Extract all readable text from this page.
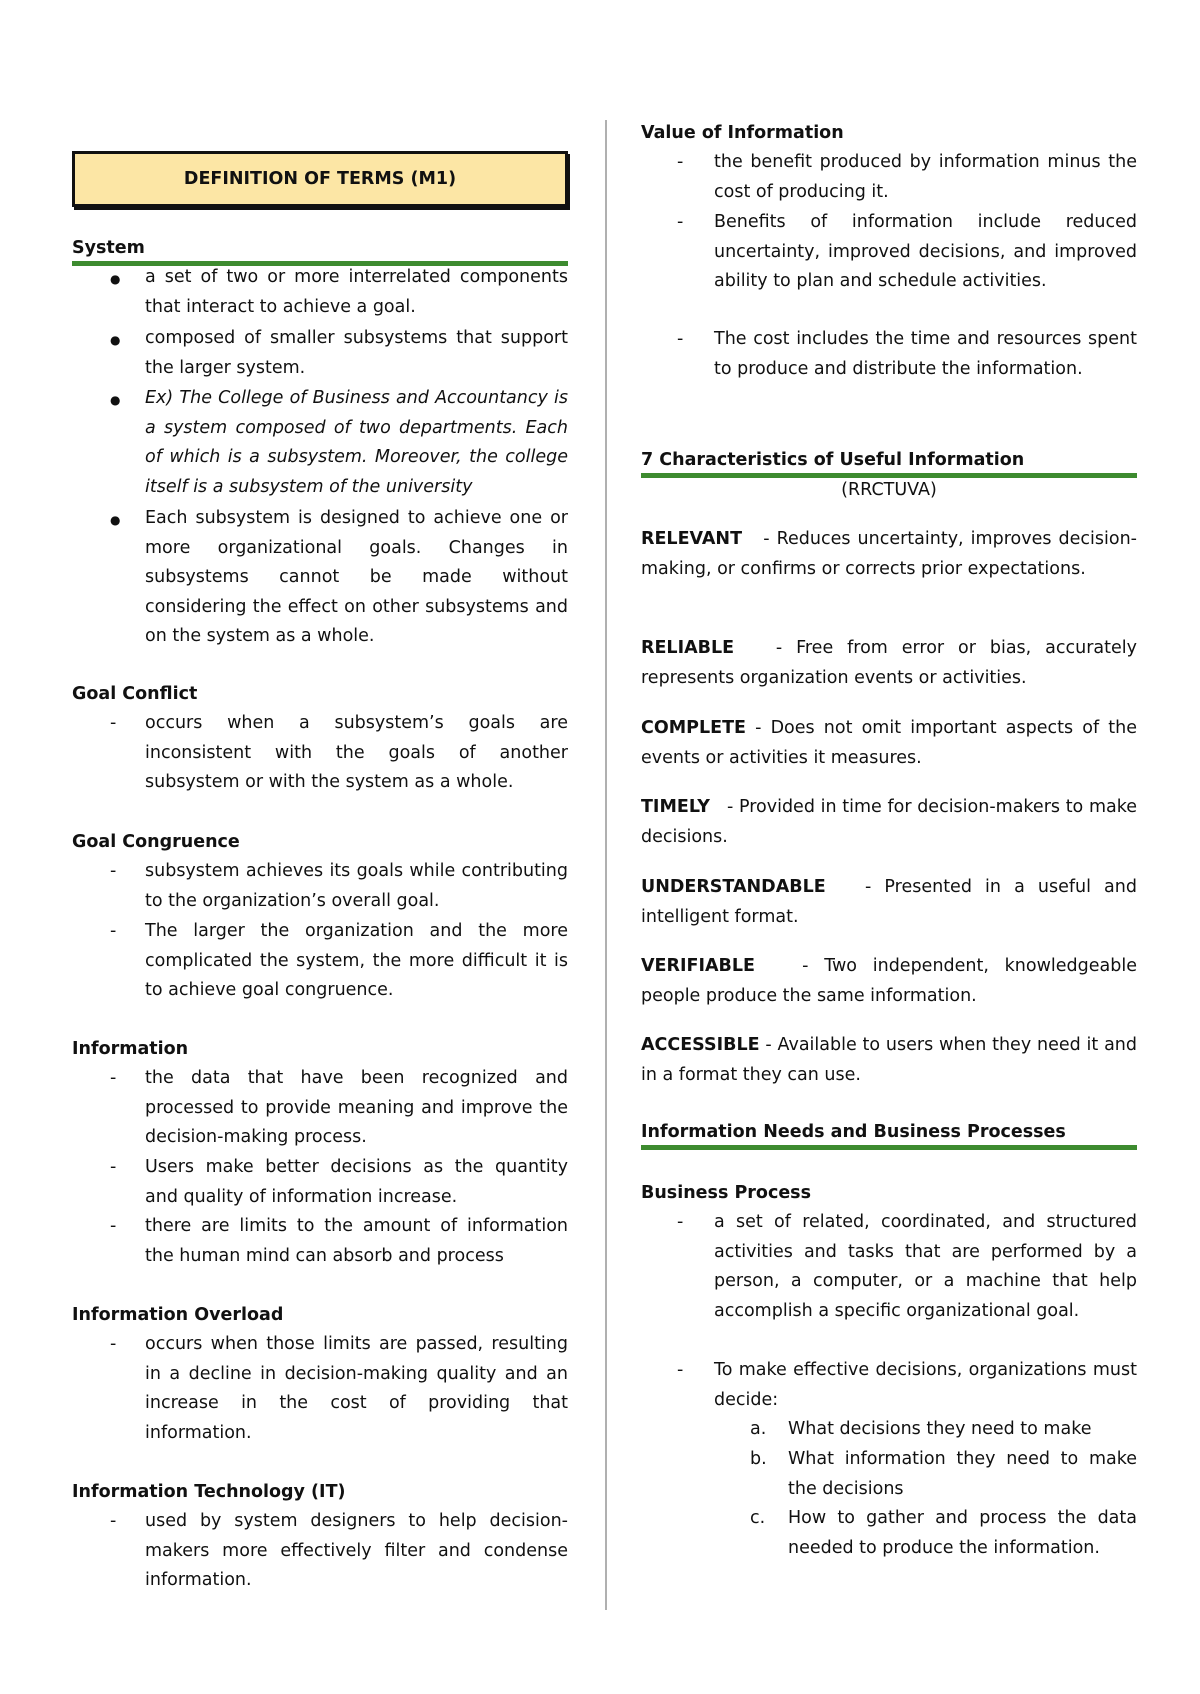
DEFINITION OF TERMS (M1)
System
● a set of two or more interrelated components that interact to achieve a goal.
● composed of smaller subsystems that support the larger system.
● Ex) The College of Business and Accountancy is a system composed of two departments. Each of which is a subsystem. Moreover, the college itself is a subsystem of the university
● Each subsystem is designed to achieve one or more organizational goals. Changes in subsystems cannot be made without considering the effect on other subsystems and on the system as a whole.
Goal Conflict
- occurs when a subsystem’s goals are inconsistent with the goals of another subsystem or with the system as a whole.
Goal Congruence
- subsystem achieves its goals while contributing to the organization’s overall goal.
- The larger the organization and the more complicated the system, the more difficult it is to achieve goal congruence.
Information
- the data that have been recognized and processed to provide meaning and improve the decision-making process.
- Users make better decisions as the quantity and quality of information increase.
- there are limits to the amount of information the human mind can absorb and process
Information Overload
- occurs when those limits are passed, resulting in a decline in decision-making quality and an increase in the cost of providing that information.
Information Technology (IT)
- used by system designers to help decision-makers more effectively filter and condense information.
Value of Information
- the benefit produced by information minus the cost of producing it.
- Benefits of information include reduced uncertainty, improved decisions, and improved ability to plan and schedule activities.
- The cost includes the time and resources spent to produce and distribute the information.
7 Characteristics of Useful Information
(RRCTUVA)
RELEVANT - Reduces uncertainty, improves decision-making, or confirms or corrects prior expectations.
RELIABLE - Free from error or bias, accurately represents organization events or activities.
COMPLETE - Does not omit important aspects of the events or activities it measures.
TIMELY - Provided in time for decision-makers to make decisions.
UNDERSTANDABLE - Presented in a useful and intelligent format.
VERIFIABLE	- Two independent, knowledgeable people produce the same information.
ACCESSIBLE - Available to users when they need it and in a format they can use.
Information Needs and Business Processes
Business Process
- a set of related, coordinated, and structured activities and tasks that are performed by a person, a computer, or a machine that help accomplish a specific organizational goal.
- To make effective decisions, organizations must decide:
a. What decisions they need to make
b. What information they need to make the decisions
c. How to gather and process the data needed to produce the information.
